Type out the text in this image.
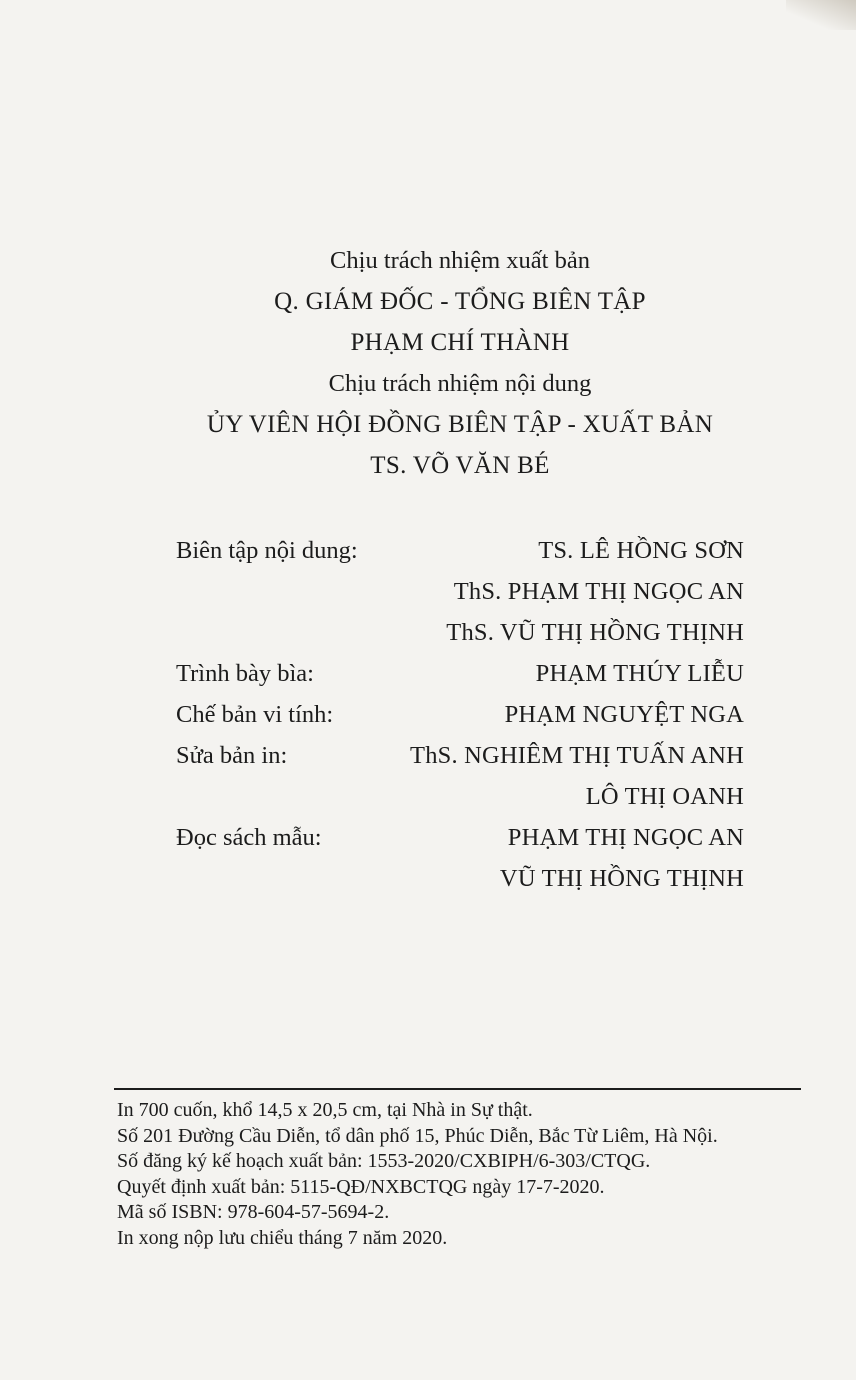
Chịu trách nhiệm xuất bản
Q. GIÁM ĐỐC - TỔNG BIÊN TẬP
PHẠM CHÍ THÀNH
Chịu trách nhiệm nội dung
ỦY VIÊN HỘI ĐỒNG BIÊN TẬP - XUẤT BẢN
TS. VÕ VĂN BÉ
Biên tập nội dung:	TS. LÊ HỒNG SƠN
ThS. PHẠM THỊ NGỌC AN
ThS. VŨ THỊ HỒNG THỊNH
Trình bày bìa:	PHẠM THÚY LIỄU
Chế bản vi tính:	PHẠM NGUYỆT NGA
Sửa bản in:	ThS. NGHIÊM THỊ TUẤN ANH
LÔ THỊ OANH
Đọc sách mẫu:	PHẠM THỊ NGỌC AN
VŨ THỊ HỒNG THỊNH
In 700 cuốn, khổ 14,5 x 20,5 cm, tại Nhà in Sự thật.
Số 201 Đường Cầu Diễn, tổ dân phố 15, Phúc Diễn, Bắc Từ Liêm, Hà Nội.
Số đăng ký kế hoạch xuất bản: 1553-2020/CXBIPH/6-303/CTQG.
Quyết định xuất bản: 5115-QĐ/NXBCTQG ngày 17-7-2020.
Mã số ISBN: 978-604-57-5694-2.
In xong nộp lưu chiểu tháng 7 năm 2020.
